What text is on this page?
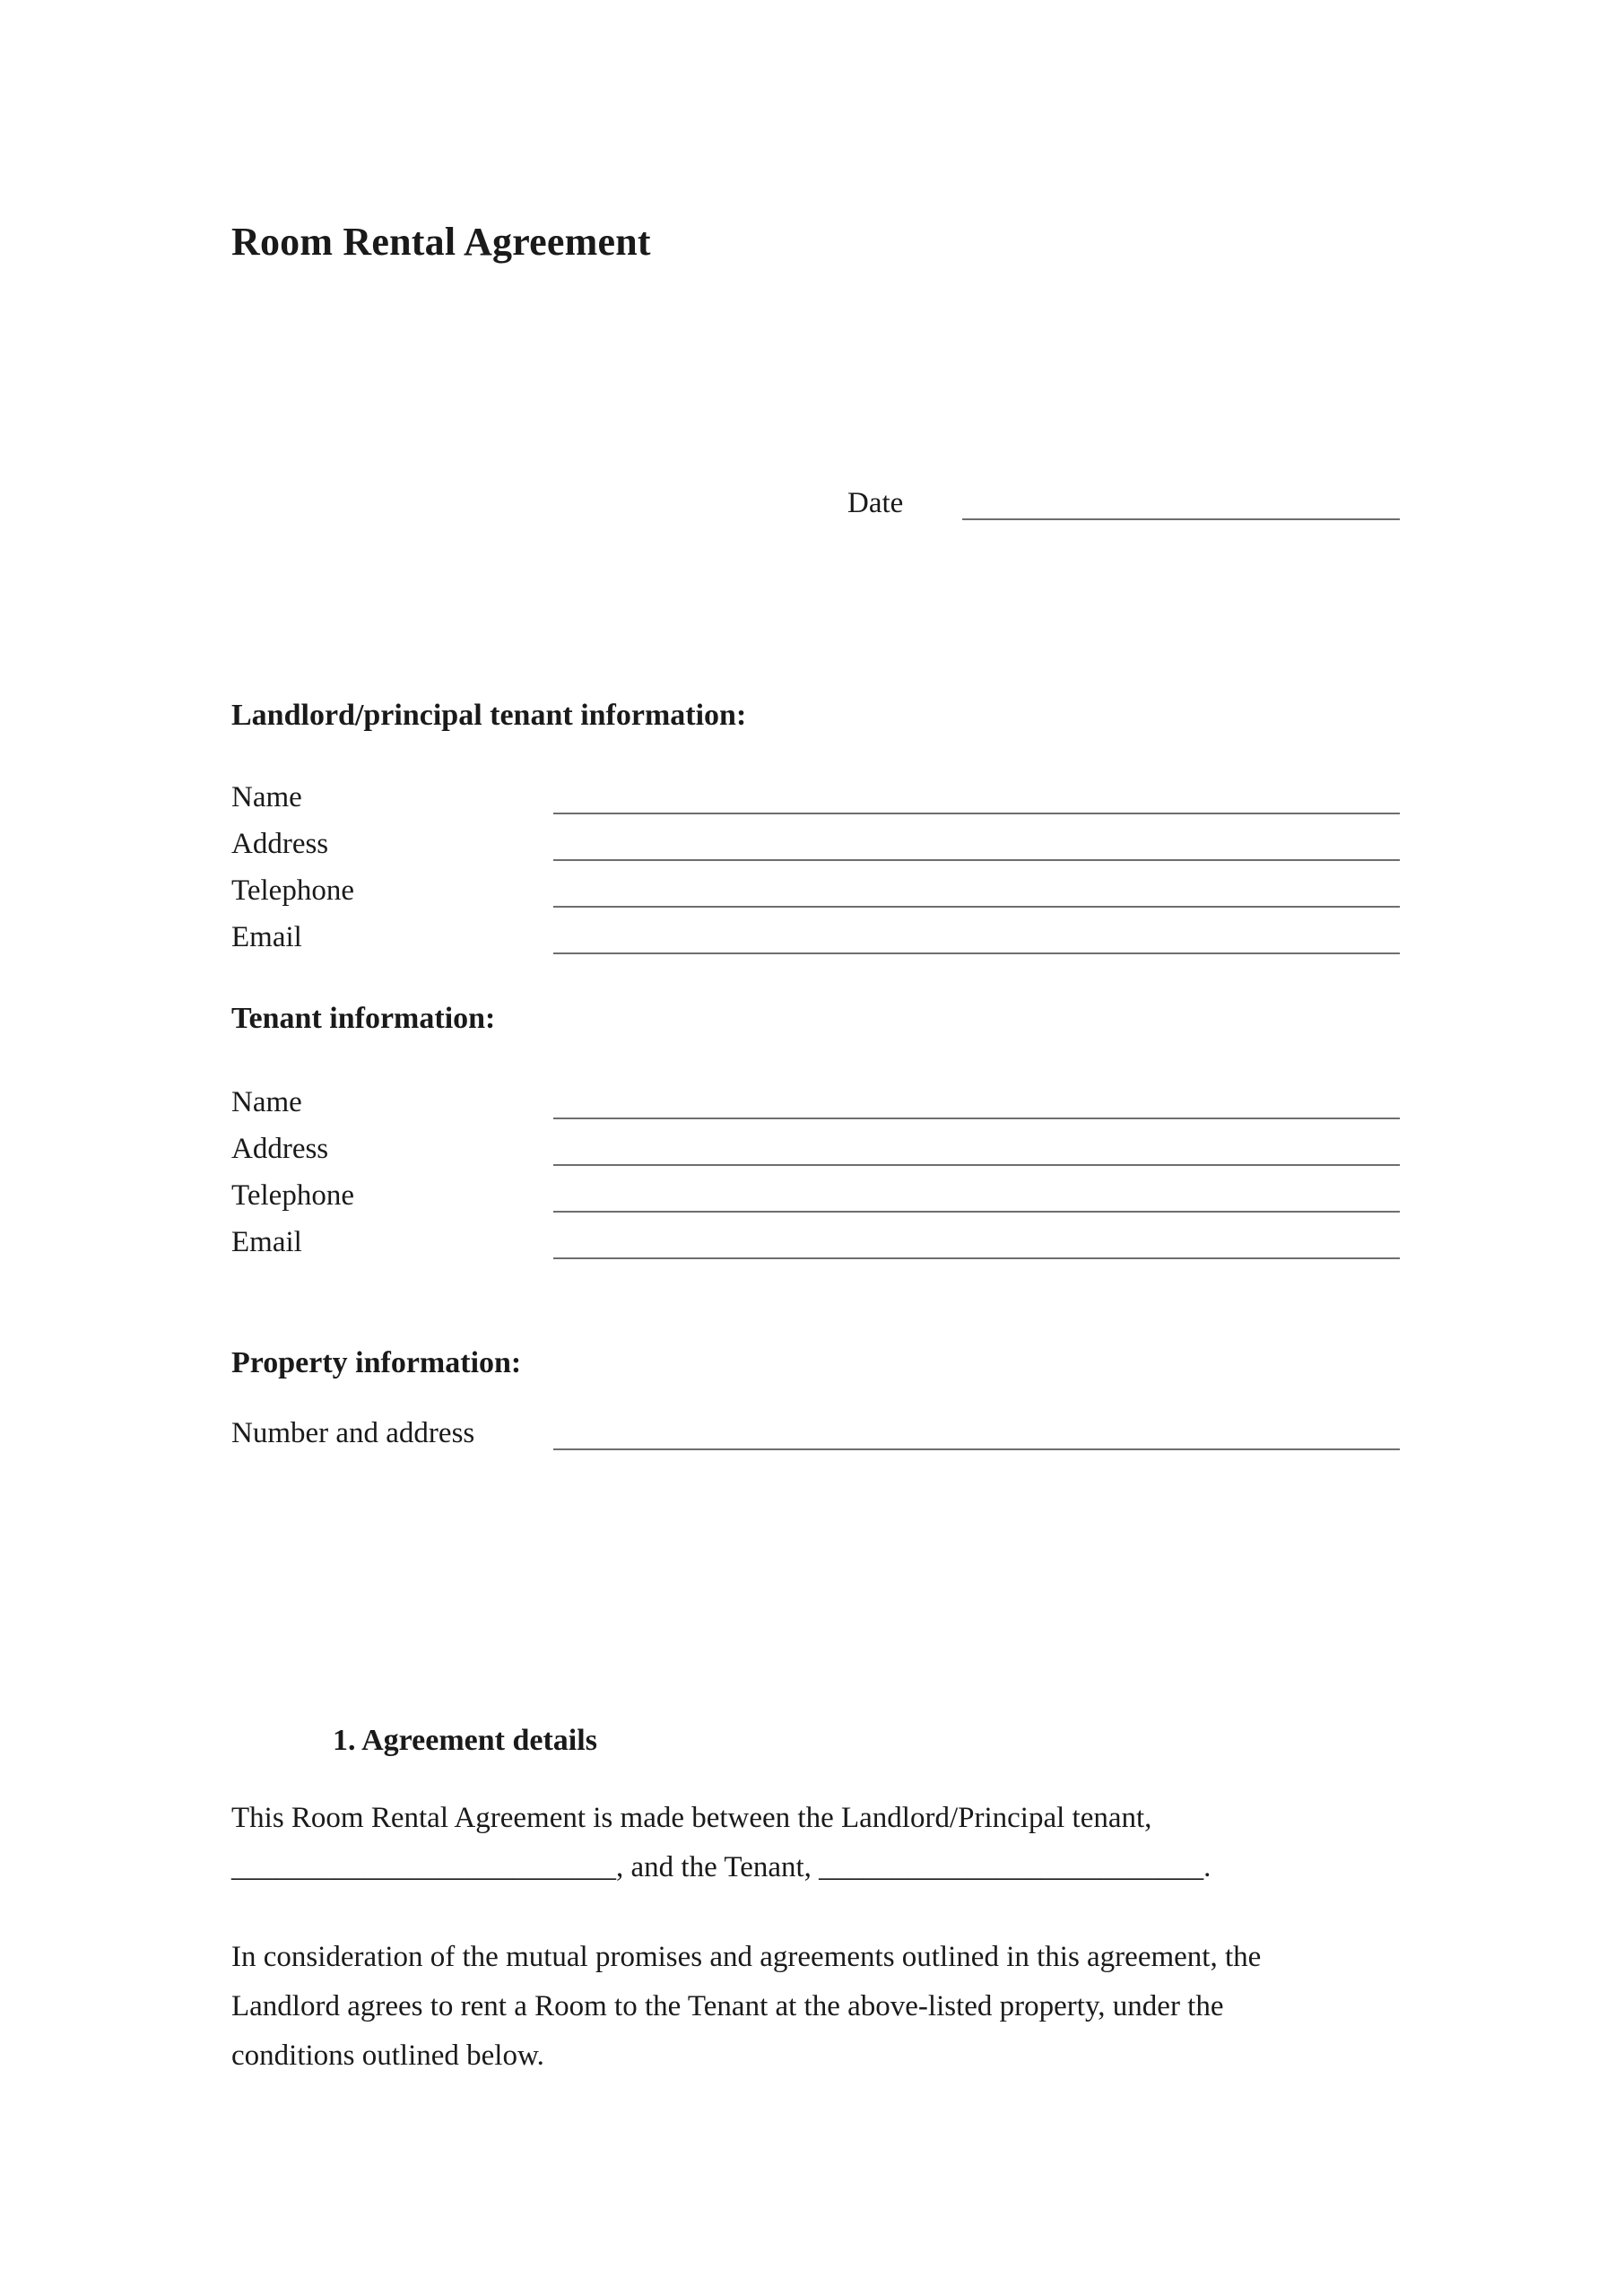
Room Rental Agreement
Date
Landlord/principal tenant information:
Name
Address
Telephone
Email
Tenant information:
Name
Address
Telephone
Email
Property information:
Number and address
1. Agreement details
This Room Rental Agreement is made between the Landlord/Principal tenant,
__________________________, and the Tenant, __________________________.
In consideration of the mutual promises and agreements outlined in this agreement, the
Landlord agrees to rent a Room to the Tenant at the above-listed property, under the
conditions outlined below.
